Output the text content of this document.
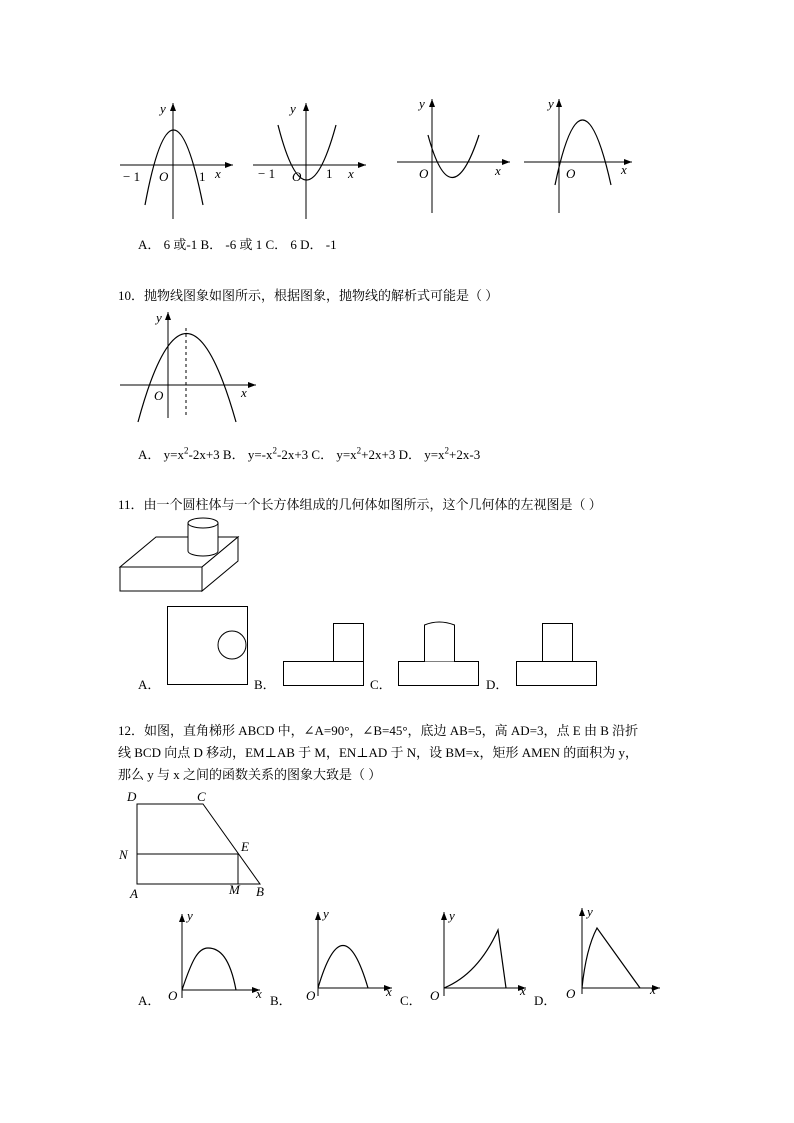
y
x
O
− 1	1
y
x
O
− 1	1
y
x
O
y
x
O
A． 6 或-1 B． -6 或 1 C． 6 D． -1
10．抛物线图象如图所示，根据图象，抛物线的解析式可能是（ ）
y
x
O
A． $y=x^2-2x+3$ B． $y=-x^2-2x+3$ C． $y=x^2+2x+3$ D． $y=x^2+2x-3$
11．由一个圆柱体与一个长方体组成的几何体如图所示，这个几何体的左视图是（ ）
A．	B．	C．	D．
12．如图，直角梯形 ABCD 中，∠A=90°，∠B=45°，底边 AB=5，高 AD=3，点 E 由 B 沿折
线 BCD 向点 D 移动，EM⊥AB 于 M，EN⊥AD 于 N，设 BM=x，矩形 AMEN 的面积为 y，
那么 y 与 x 之间的函数关系的图象大致是（ ）
D	C
N
E
A	M B
A．
y
x
O	B．
y
x
O	C．
y
x
O	D．
y
x
O
